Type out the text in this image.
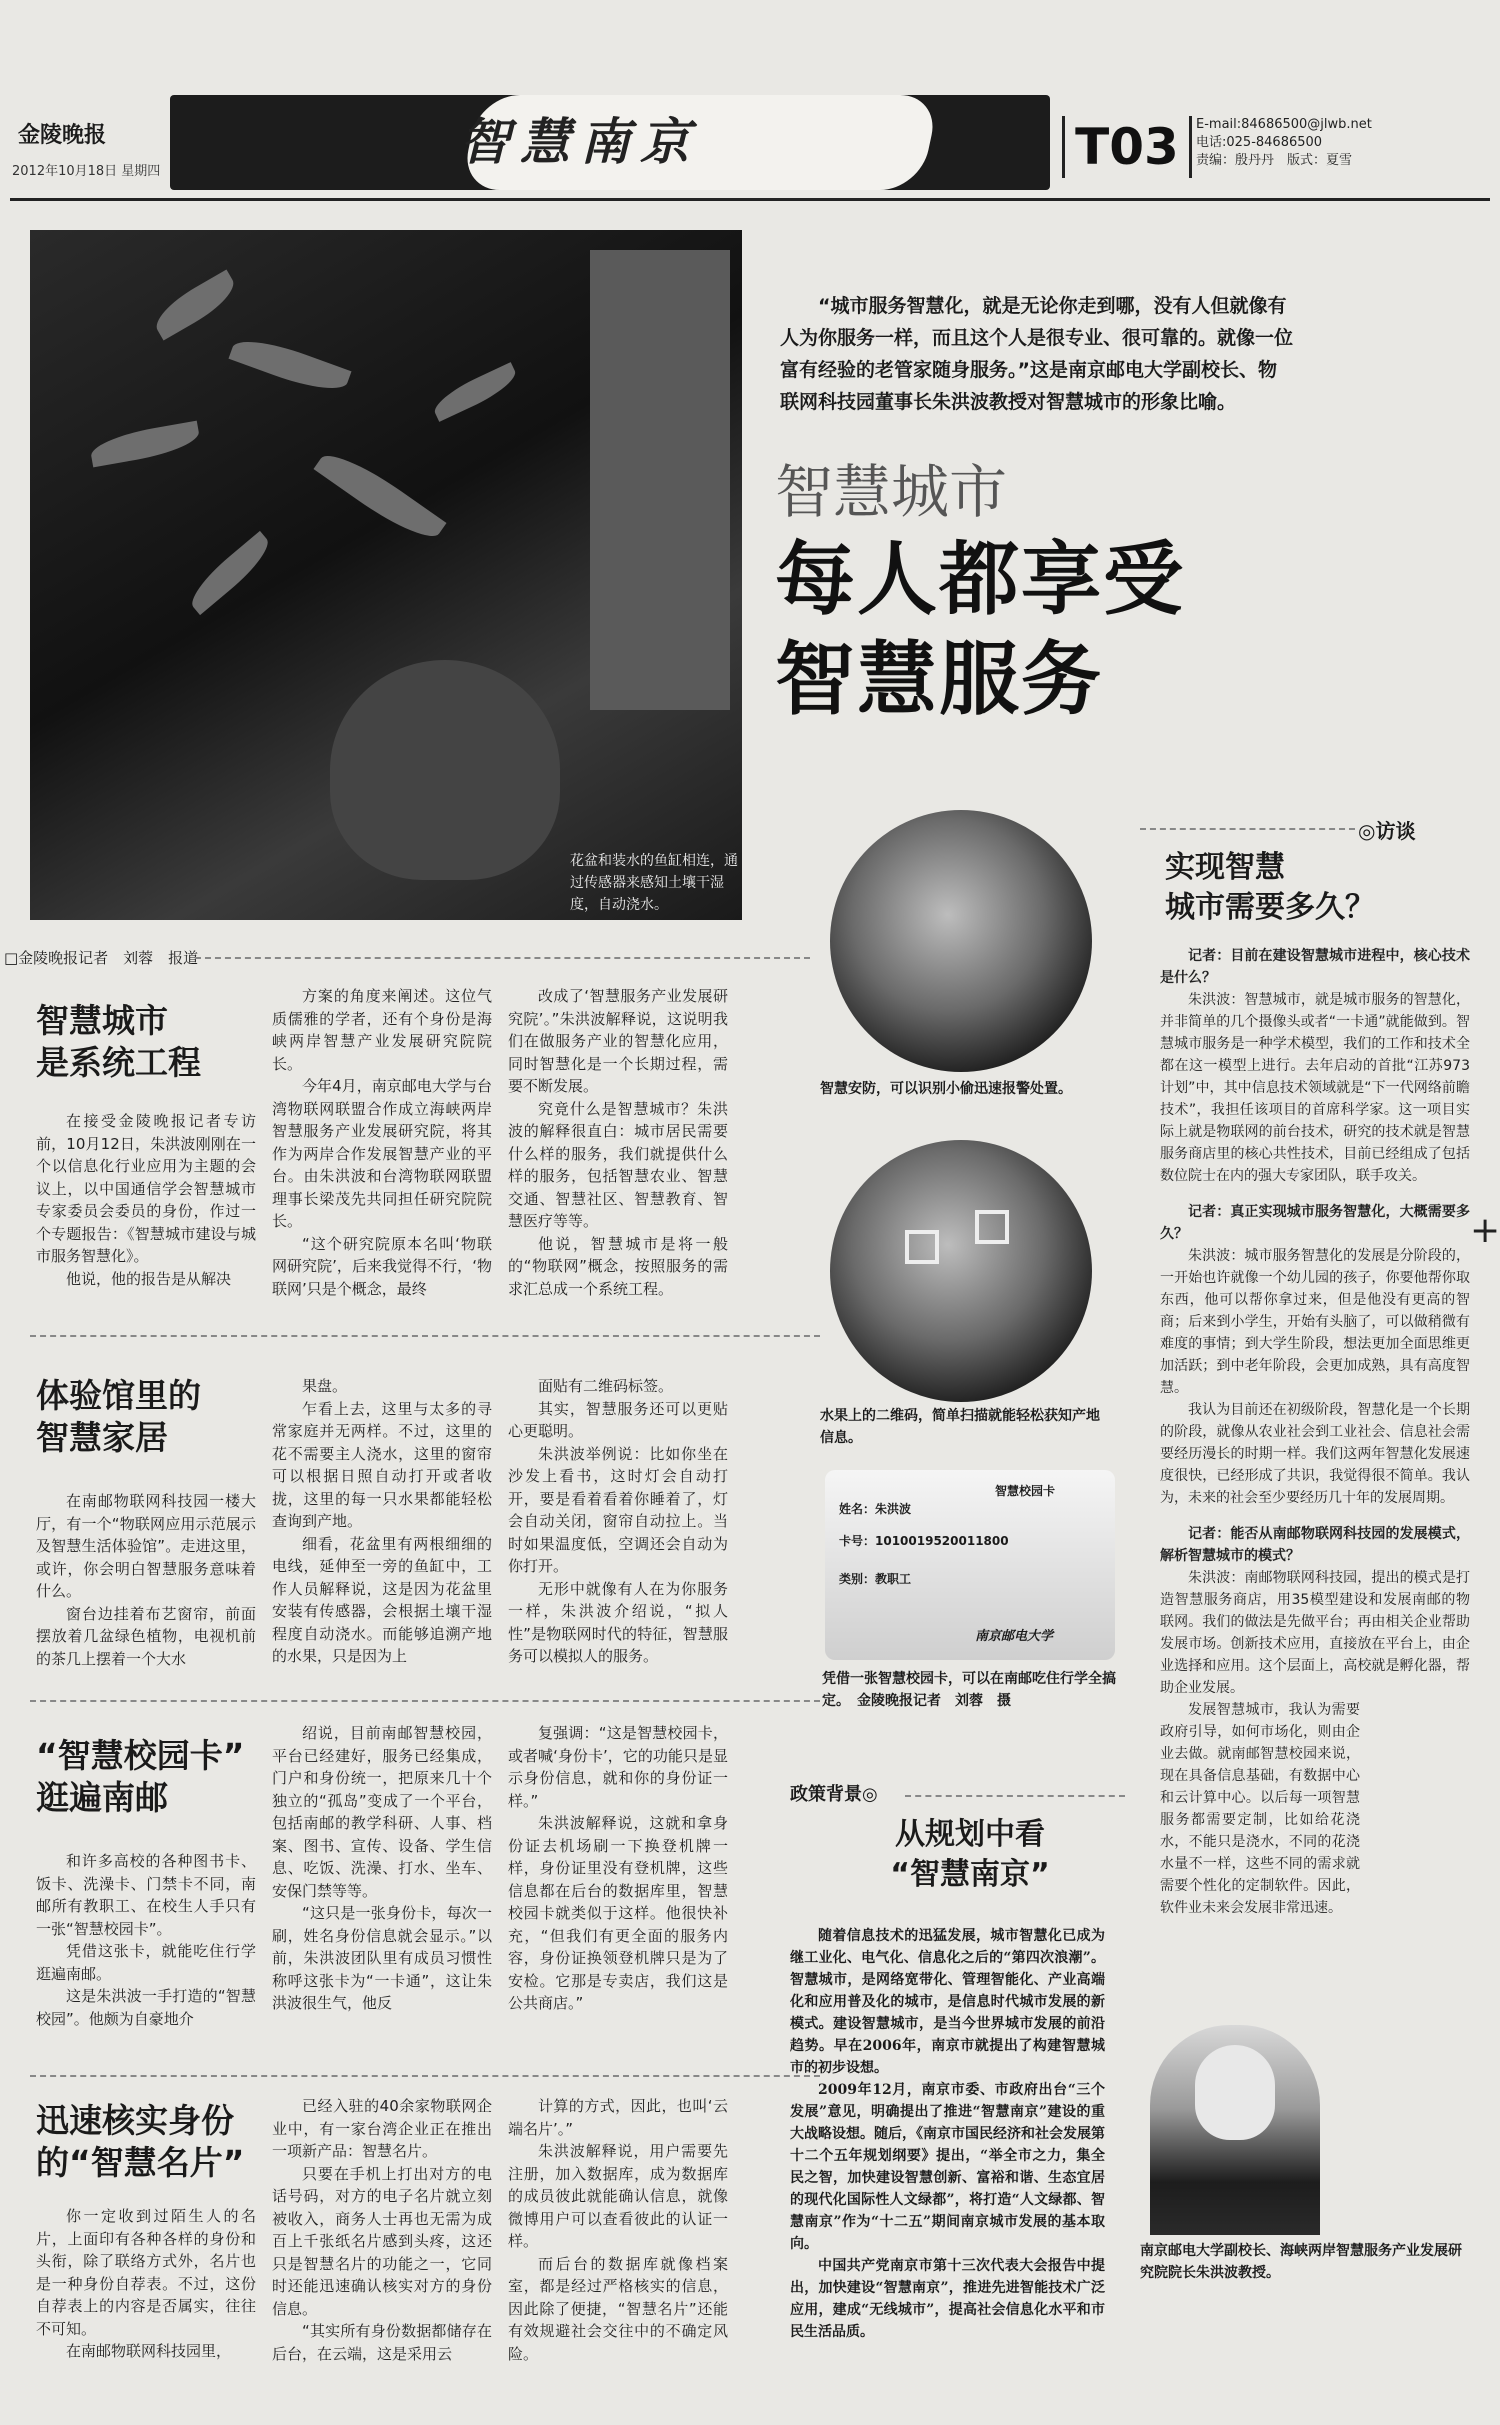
金陵晚报
2012年10月18日 星期四
智慧南京	T03	E-mail:84686500@jlwb.net
电话:025-84686500
责编：殷丹丹　版式：夏雪
花盆和装水的鱼缸相连，通过传感器来感知土壤干湿度，自动浇水。
“城市服务智慧化，就是无论你走到哪，没有人但就像有人为你服务一样，而且这个人是很专业、很可靠的。就像一位富有经验的老管家随身服务。”这是南京邮电大学副校长、物联网科技园董事长朱洪波教授对智慧城市的形象比喻。
智慧城市
每人都享受
智慧服务
□金陵晚报记者　刘蓉　报道
智慧城市
是系统工程

在接受金陵晚报记者专访前，10月12日，朱洪波刚刚在一个以信息化行业应用为主题的会议上，以中国通信学会智慧城市专家委员会委员的身份，作过一个专题报告：《智慧城市建设与城市服务智慧化》。

他说，他的报告是从解决

方案的角度来阐述。这位气质儒雅的学者，还有个身份是海峡两岸智慧产业发展研究院院长。

今年4月，南京邮电大学与台湾物联网联盟合作成立海峡两岸智慧服务产业发展研究院，将其作为两岸合作发展智慧产业的平台。由朱洪波和台湾物联网联盟理事长梁茂先共同担任研究院院长。

“这个研究院原本名叫‘物联网研究院’，后来我觉得不行，‘物联网’只是个概念，最终

改成了‘智慧服务产业发展研究院’。”朱洪波解释说，这说明我们在做服务产业的智慧化应用，同时智慧化是一个长期过程，需要不断发展。

究竟什么是智慧城市？朱洪波的解释很直白：城市居民需要什么样的服务，我们就提供什么样的服务，包括智慧农业、智慧交通、智慧社区、智慧教育、智慧医疗等等。

他说，智慧城市是将一般的“物联网”概念，按照服务的需求汇总成一个系统工程。

体验馆里的
智慧家居

在南邮物联网科技园一楼大厅，有一个“物联网应用示范展示及智慧生活体验馆”。走进这里，或许，你会明白智慧服务意味着什么。

窗台边挂着布艺窗帘，前面摆放着几盆绿色植物，电视机前的茶几上摆着一个大水

果盘。

乍看上去，这里与太多的寻常家庭并无两样。不过，这里的花不需要主人浇水，这里的窗帘可以根据日照自动打开或者收拢，这里的每一只水果都能轻松查询到产地。

细看，花盆里有两根细细的电线，延伸至一旁的鱼缸中，工作人员解释说，这是因为花盆里安装有传感器，会根据土壤干湿程度自动浇水。而能够追溯产地的水果，只是因为上

面贴有二维码标签。

其实，智慧服务还可以更贴心更聪明。

朱洪波举例说：比如你坐在沙发上看书，这时灯会自动打开，要是看着看着你睡着了，灯会自动关闭，窗帘自动拉上。当时如果温度低，空调还会自动为你打开。

无形中就像有人在为你服务一样，朱洪波介绍说，“拟人性”是物联网时代的特征，智慧服务可以模拟人的服务。

“智慧校园卡”
逛遍南邮

和许多高校的各种图书卡、饭卡、洗澡卡、门禁卡不同，南邮所有教职工、在校生人手只有一张“智慧校园卡”。

凭借这张卡，就能吃住行学逛遍南邮。

这是朱洪波一手打造的“智慧校园”。他颇为自豪地介

绍说，目前南邮智慧校园，平台已经建好，服务已经集成，门户和身份统一，把原来几十个独立的“孤岛”变成了一个平台，包括南邮的教学科研、人事、档案、图书、宣传、设备、学生信息、吃饭、洗澡、打水、坐车、安保门禁等等。

“这只是一张身份卡，每次一刷，姓名身份信息就会显示。”以前，朱洪波团队里有成员习惯性称呼这张卡为“一卡通”，这让朱洪波很生气，他反

复强调：“这是智慧校园卡，或者喊‘身份卡’，它的功能只是显示身份信息，就和你的身份证一样。”

朱洪波解释说，这就和拿身份证去机场刷一下换登机牌一样，身份证里没有登机牌，这些信息都在后台的数据库里，智慧校园卡就类似于这样。他很快补充，“但我们有更全面的服务内容，身份证换领登机牌只是为了安检。它那是专卖店，我们这是公共商店。”

迅速核实身份
的“智慧名片”

你一定收到过陌生人的名片，上面印有各种各样的身份和头衔，除了联络方式外，名片也是一种身份自荐表。不过，这份自荐表上的内容是否属实，往往不可知。

在南邮物联网科技园里，

已经入驻的40余家物联网企业中，有一家台湾企业正在推出一项新产品：智慧名片。

只要在手机上打出对方的电话号码，对方的电子名片就立刻被收入，商务人士再也无需为成百上千张纸名片感到头疼，这还只是智慧名片的功能之一，它同时还能迅速确认核实对方的身份信息。

“其实所有身份数据都储存在后台，在云端，这是采用云

计算的方式，因此，也叫‘云端名片’。”

朱洪波解释说，用户需要先注册，加入数据库，成为数据库的成员彼此就能确认信息，就像微博用户可以查看彼此的认证一样。

而后台的数据库就像档案室，都是经过严格核实的信息，因此除了便捷，“智慧名片”还能有效规避社会交往中的不确定风险。

智慧安防，可以识别小偷迅速报警处置。
水果上的二维码，简单扫描就能轻松获知产地信息。
智慧校园卡
姓名：朱洪波
卡号：1010019520011800
类别：教职工
南京邮电大学
凭借一张智慧校园卡，可以在南邮吃住行学全搞定。　金陵晚报记者　刘蓉　摄
政策背景◎
从规划中看
“智慧南京”

随着信息技术的迅猛发展，城市智慧化已成为继工业化、电气化、信息化之后的“第四次浪潮”。智慧城市，是网络宽带化、管理智能化、产业高端化和应用普及化的城市，是信息时代城市发展的新模式。建设智慧城市，是当今世界城市发展的前沿趋势。早在2006年，南京市就提出了构建智慧城市的初步设想。

2009年12月，南京市委、市政府出台“三个发展”意见，明确提出了推进“智慧南京”建设的重大战略设想。随后，《南京市国民经济和社会发展第十二个五年规划纲要》提出，“举全市之力，集全民之智，加快建设智慧创新、富裕和谐、生态宜居的现代化国际性人文绿都”，将打造“人文绿都、智慧南京”作为“十二五”期间南京城市发展的基本取向。

中国共产党南京市第十三次代表大会报告中提出，加快建设“智慧南京”，推进先进智能技术广泛应用，建成“无线城市”，提高社会信息化水平和市民生活品质。

◎访谈
实现智慧
城市需要多久？
记者：目前在建设智慧城市进程中，核心技术是什么？

朱洪波：智慧城市，就是城市服务的智慧化，并非简单的几个摄像头或者“一卡通”就能做到。智慧城市服务是一种学术模型，我们的工作和技术全都在这一模型上进行。去年启动的首批“江苏973计划”中，其中信息技术领域就是“下一代网络前瞻技术”，我担任该项目的首席科学家。这一项目实际上就是物联网的前台技术，研究的技术就是智慧服务商店里的核心共性技术，目前已经组成了包括数位院士在内的强大专家团队，联手攻关。

记者：真正实现城市服务智慧化，大概需要多久？

朱洪波：城市服务智慧化的发展是分阶段的，一开始也许就像一个幼儿园的孩子，你要他帮你取东西，他可以帮你拿过来，但是他没有更高的智商；后来到小学生，开始有头脑了，可以做稍微有难度的事情；到大学生阶段，想法更加全面思维更加活跃；到中老年阶段，会更加成熟，具有高度智慧。

我认为目前还在初级阶段，智慧化是一个长期的阶段，就像从农业社会到工业社会、信息社会需要经历漫长的时期一样。我们这两年智慧化发展速度很快，已经形成了共识，我觉得很不简单。我认为，未来的社会至少要经历几十年的发展周期。

记者：能否从南邮物联网科技园的发展模式，解析智慧城市的模式？

朱洪波：南邮物联网科技园，提出的模式是打造智慧服务商店，用35模型建设和发展南邮的物联网。我们的做法是先做平台；再由相关企业帮助发展市场。创新技术应用，直接放在平台上，由企业选择和应用。这个层面上，高校就是孵化器，帮助企业发展。

发展智慧城市，我认为需要政府引导，如何市场化，则由企业去做。就南邮智慧校园来说，现在具备信息基础，有数据中心和云计算中心。以后每一项智慧服务都需要定制，比如给花浇水，不能只是浇水，不同的花浇水量不一样，这些不同的需求就需要个性化的定制软件。因此，软件业未来会发展非常迅速。

南京邮电大学副校长、海峡两岸智慧服务产业发展研究院院长朱洪波教授。
+
